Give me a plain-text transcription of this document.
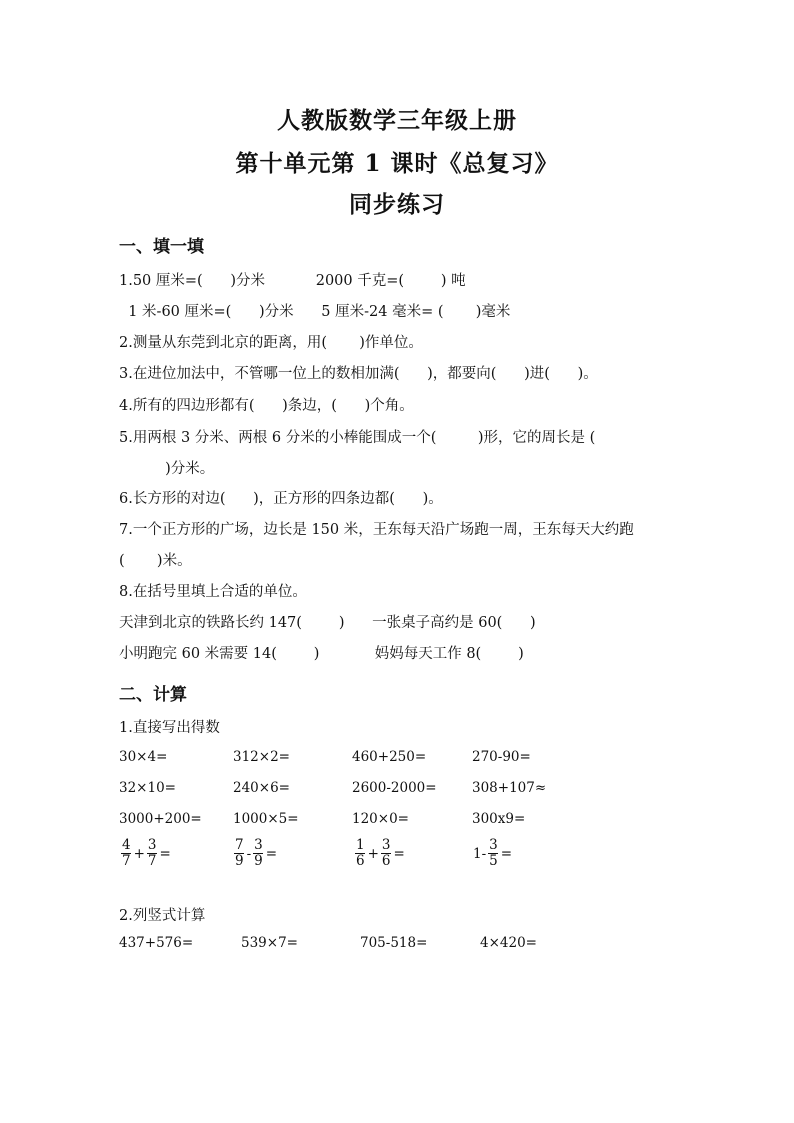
人教版数学三年级上册
第十单元第 1 课时《总复习》
同步练习
一、填一填
1.50 厘米=(      )分米           2000 千克=(        ) 吨
1 米-60 厘米=(      )分米      5 厘米-24 毫米= (       )毫米
2.测量从东莞到北京的距离，用(       )作单位。
3.在进位加法中，不管哪一位上的数相加满(      )，都要向(      )进(      )。
4.所有的四边形都有(      )条边，(      )个角。
5.用两根 3 分米、两根 6 分米的小棒能围成一个(         )形，它的周长是 (
)分米。
6.长方形的对边(      )，正方形的四条边都(      )。
7.一个正方形的广场，边长是 150 米，王东每天沿广场跑一周，王东每天大约跑
(       )米。
8.在括号里填上合适的单位。
天津到北京的铁路长约 147(        )      一张桌子高约是 60(      )
小明跑完 60 米需要 14(        )            妈妈每天工作 8(        )
二、计算
1.直接写出得数
30×4=	312×2=	460+250=	270-90=
32×10=	240×6=	2600-2000=	308+107≈
3000+200= 1000×5=	120×0=	300x9=
$\frac{4}{7} + \frac{3}{7}$ =	$\frac{7}{9} - \frac{3}{9}$ =	$\frac{1}{6} + \frac{3}{6}$ =	$1- \frac{3}{5}$ =
2.列竖式计算
437+576=	539×7=	705-518=	4×420=
